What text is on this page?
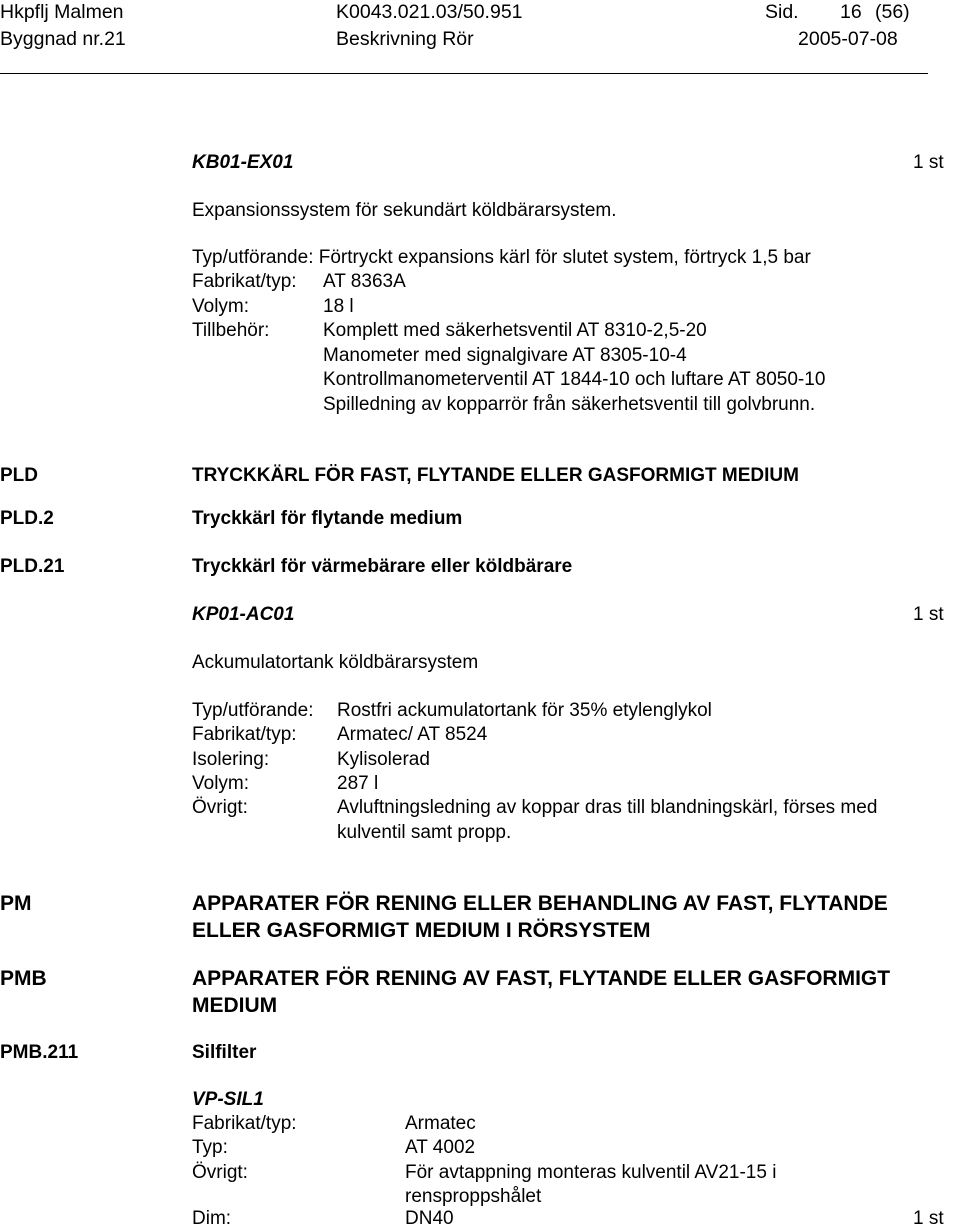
Hkpflj Malmen
Byggnad nr.21
K0043.021.03/50.951
Beskrivning Rör
Sid. 16 (56)
2005-07-08
KB01-EX01	1 st
Expansionssystem för sekundärt köldbärarsystem.
Typ/utförande: Förtryckt expansions kärl för slutet system, förtryck 1,5 bar
Fabrikat/typ: AT 8363A
Volym:	18 l
Tillbehör:	Komplett med säkerhetsventil AT 8310-2,5-20
Manometer med signalgivare AT 8305-10-4
Kontrollmanometerventil AT 1844-10 och luftare AT 8050-10
Spilledning av kopparrör från säkerhetsventil till golvbrunn.
PLD	TRYCKKÄRL FÖR FAST, FLYTANDE ELLER GASFORMIGT MEDIUM
PLD.2	Tryckkärl för flytande medium
PLD.21	Tryckkärl för värmebärare eller köldbärare
KP01-AC01	1 st
Ackumulatortank köldbärarsystem
Typ/utförande: Rostfri ackumulatortank för 35% etylenglykol
Fabrikat/typ: Armatec/ AT 8524
Isolering:	Kylisolerad
Volym:	287 l
Övrigt:	Avluftningsledning av koppar dras till blandningskärl, förses med
kulventil samt propp.
PM	APPARATER FÖR RENING ELLER BEHANDLING AV FAST, FLYTANDE
ELLER GASFORMIGT MEDIUM I RÖRSYSTEM
PMB	APPARATER FÖR RENING AV FAST, FLYTANDE ELLER GASFORMIGT
MEDIUM
PMB.211	Silfilter
VP-SIL1
Fabrikat/typ:	Armatec
Typ:	AT 4002
Övrigt:	För avtappning monteras kulventil AV21-15 i
rensproppshålet
Dim:	DN40	1 st
